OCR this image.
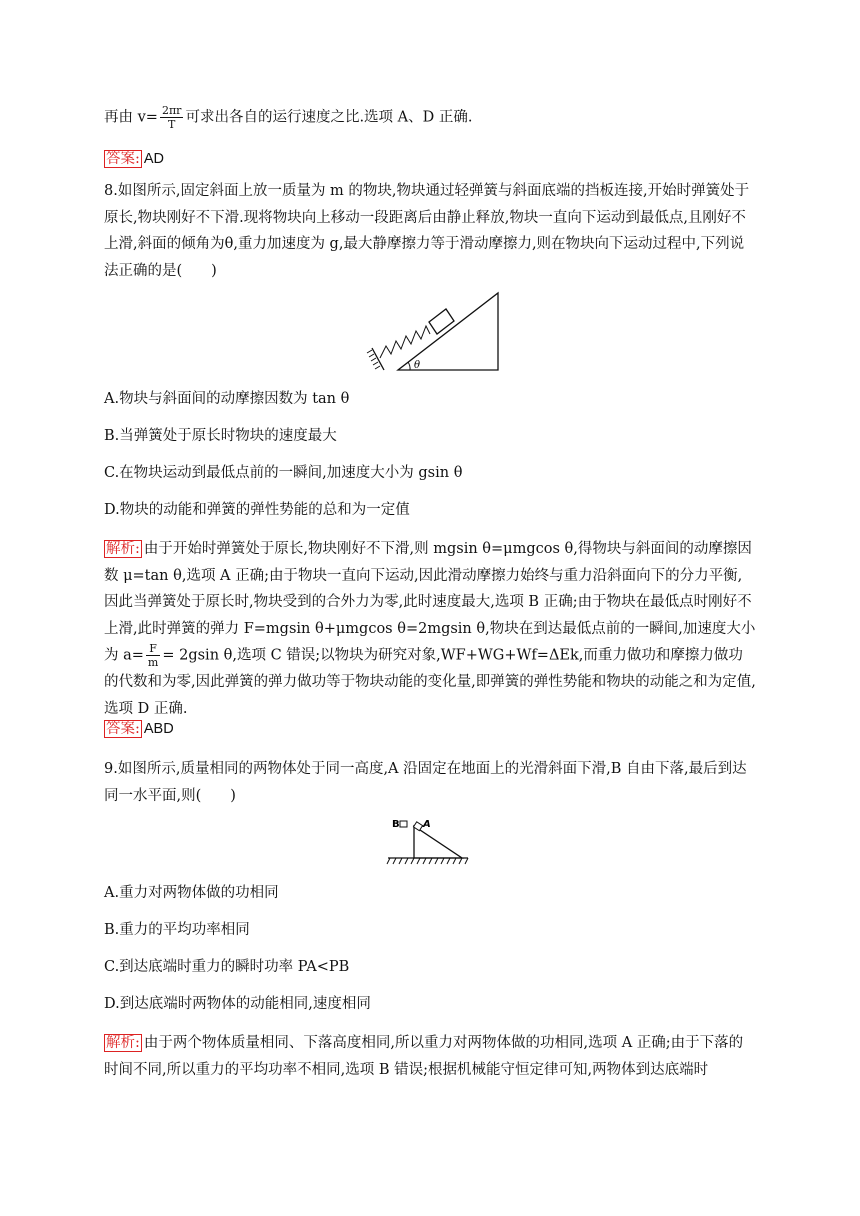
再由 $v= \frac{2\pi r}{T}$ 可求出各自的运行速度之比.选项 A、D 正确.

答案: AD

8.如图所示,固定斜面上放一质量为 m 的物块,物块通过轻弹簧与斜面底端的挡板连接,开始时弹簧处于原长,物块刚好不下滑.现将物块向上移动一段距离后由静止释放,物块一直向下运动到最低点,且刚好不上滑,斜面的倾角为θ,重力加速度为 g,最大静摩擦力等于滑动摩擦力,则在物块向下运动过程中,下列说法正确的是(　　)

θ

A.物块与斜面间的动摩擦因数为 tan θ

B.当弹簧处于原长时物块的速度最大

C.在物块运动到最低点前的一瞬间,加速度大小为 gsin θ

D.物块的动能和弹簧的弹性势能的总和为一定值

解析: 由于开始时弹簧处于原长,物块刚好不下滑,则 mgsin θ=μmgcos θ,得物块与斜面间的动摩擦因数 μ=tan θ,选项 A 正确;由于物块一直向下运动,因此滑动摩擦力始终与重力沿斜面向下的分力平衡,因此当弹簧处于原长时,物块受到的合外力为零,此时速度最大,选项 B 正确;由于物块在最低点时刚好不上滑,此时弹簧的弹力 F=mgsin θ+μmgcos θ=2mgsin θ,物块在到达最低点前的一瞬间,加速度大小为 $a= \frac{F}{m} = 2gsin$ θ,选项 C 错误;以物块为研究对象,WF+WG+Wf=ΔEk,而重力做功和摩擦力做功的代数和为零,因此弹簧的弹力做功等于物块动能的变化量,即弹簧的弹性势能和物块的动能之和为定值,选项 D 正确.

答案: ABD

9.如图所示,质量相同的两物体处于同一高度,A 沿固定在地面上的光滑斜面下滑,B 自由下落,最后到达同一水平面,则(　　)

B A

A.重力对两物体做的功相同

B.重力的平均功率相同

C.到达底端时重力的瞬时功率 PA<PB

D.到达底端时两物体的动能相同,速度相同

解析: 由于两个物体质量相同、下落高度相同,所以重力对两物体做的功相同,选项 A 正确;由于下落的时间不同,所以重力的平均功率不相同,选项 B 错误;根据机械能守恒定律可知,两物体到达底端时
